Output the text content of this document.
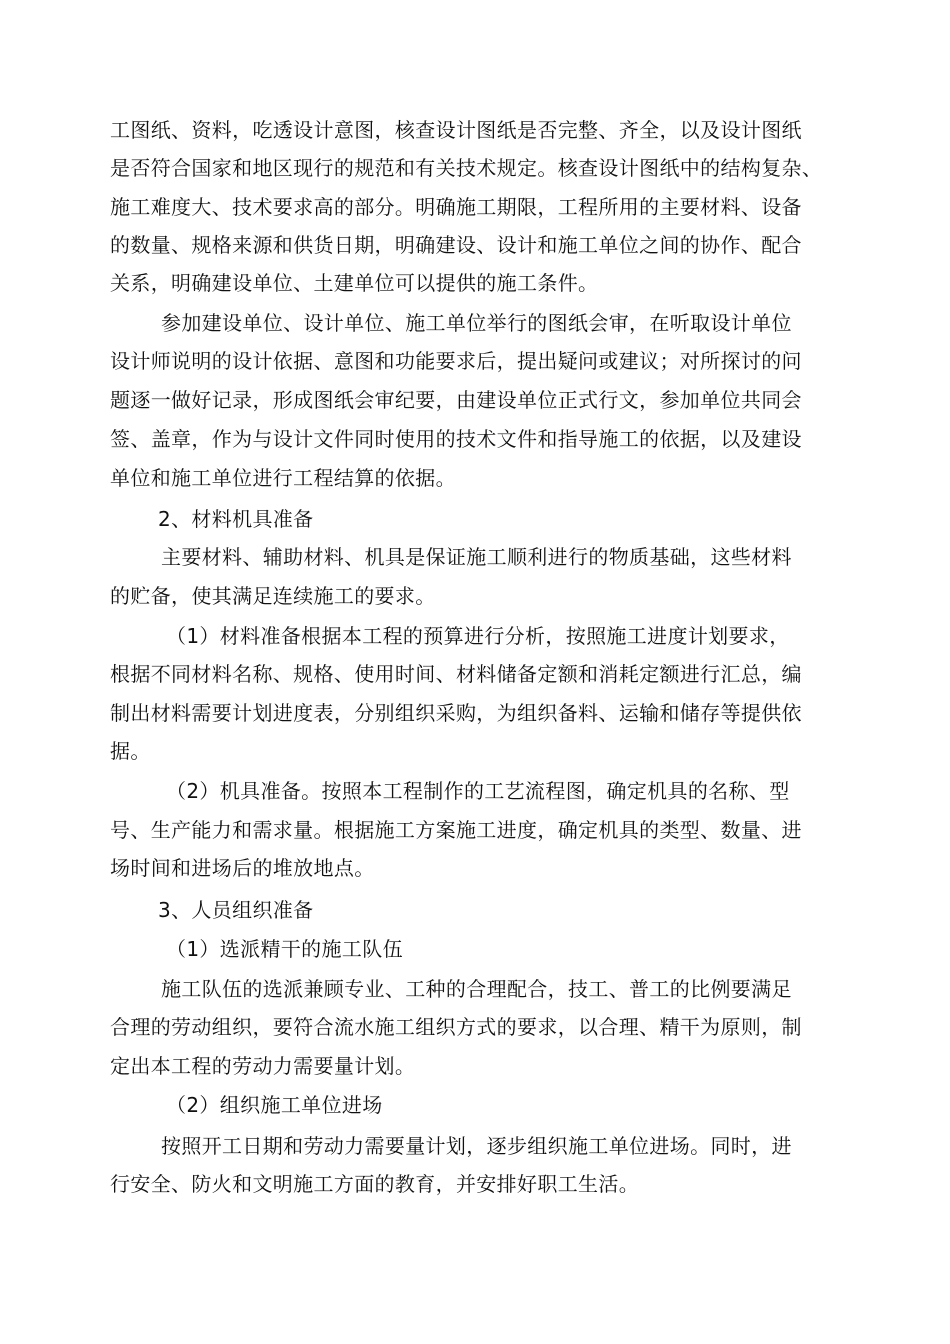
工图纸、资料，吃透设计意图，核查设计图纸是否完整、齐全，以及设计图纸
是否符合国家和地区现行的规范和有关技术规定。核查设计图纸中的结构复杂、
施工难度大、技术要求高的部分。明确施工期限，工程所用的主要材料、设备
的数量、规格来源和供货日期，明确建设、设计和施工单位之间的协作、配合
关系，明确建设单位、土建单位可以提供的施工条件。
参加建设单位、设计单位、施工单位举行的图纸会审，在听取设计单位
设计师说明的设计依据、意图和功能要求后，提出疑问或建议；对所探讨的问
题逐一做好记录，形成图纸会审纪要，由建设单位正式行文，参加单位共同会
签、盖章，作为与设计文件同时使用的技术文件和指导施工的依据，以及建设
单位和施工单位进行工程结算的依据。
2、材料机具准备
主要材料、辅助材料、机具是保证施工顺利进行的物质基础，这些材料
的贮备，使其满足连续施工的要求。
（1）材料准备根据本工程的预算进行分析，按照施工进度计划要求，
根据不同材料名称、规格、使用时间、材料储备定额和消耗定额进行汇总，编
制出材料需要计划进度表，分别组织采购，为组织备料、运输和储存等提供依
据。
（2）机具准备。按照本工程制作的工艺流程图，确定机具的名称、型
号、生产能力和需求量。根据施工方案施工进度，确定机具的类型、数量、进
场时间和进场后的堆放地点。
3、人员组织准备
（1）选派精干的施工队伍
施工队伍的选派兼顾专业、工种的合理配合，技工、普工的比例要满足
合理的劳动组织，要符合流水施工组织方式的要求，以合理、精干为原则，制
定出本工程的劳动力需要量计划。
（2）组织施工单位进场
按照开工日期和劳动力需要量计划，逐步组织施工单位进场。同时，进
行安全、防火和文明施工方面的教育，并安排好职工生活。
